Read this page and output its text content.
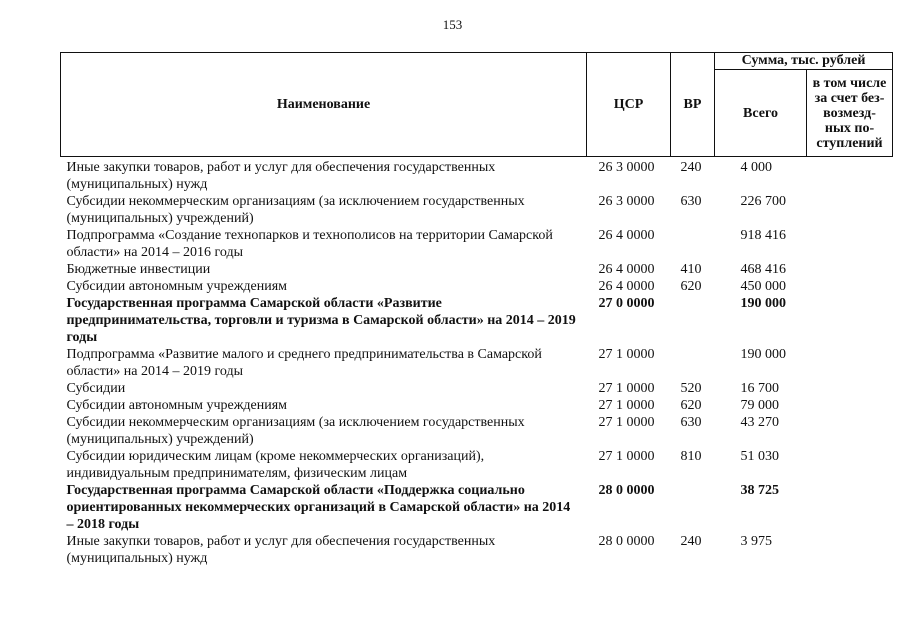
153
Наименование	ЦСР	ВР	Сумма, тыс. рублей	
			Всего	в том числе
за счет без-
возмезд-
ных по-
ступлений

Иные закупки товаров, работ и услуг для обеспечения государственных (муниципальных) нужд	26 3 0000	240	4 000	
Субсидии некоммерческим организациям (за исключением государственных (муниципальных) учреждений)	26 3 0000	630	226 700	
Подпрограмма «Создание технопарков и технополисов на территории Самарской области» на 2014 – 2016 годы	26 4 0000		918 416	
Бюджетные инвестиции	26 4 0000	410	468 416	
Субсидии автономным учреждениям	26 4 0000	620	450 000	
Государственная программа Самарской области «Развитие предпринимательства, торговли и туризма в Самарской области» на 2014 – 2019 годы	27 0 0000		190 000	
Подпрограмма «Развитие малого и среднего предпринимательства в Самарской области» на 2014 – 2019 годы	27 1 0000		190 000	
Субсидии	27 1 0000	520	16 700	
Субсидии автономным учреждениям	27 1 0000	620	79 000	
Субсидии некоммерческим организациям (за исключением государственных (муниципальных) учреждений)	27 1 0000	630	43 270	
Субсидии юридическим лицам (кроме некоммерческих организаций), индивидуальным предпринимателям, физическим лицам	27 1 0000	810	51 030	
Государственная программа Самарской области «Поддержка социально ориентированных некоммерческих организаций в Самарской области» на 2014 – 2018 годы	28 0 0000		38 725	
Иные закупки товаров, работ и услуг для обеспечения государственных (муниципальных) нужд	28 0 0000	240	3 975	
